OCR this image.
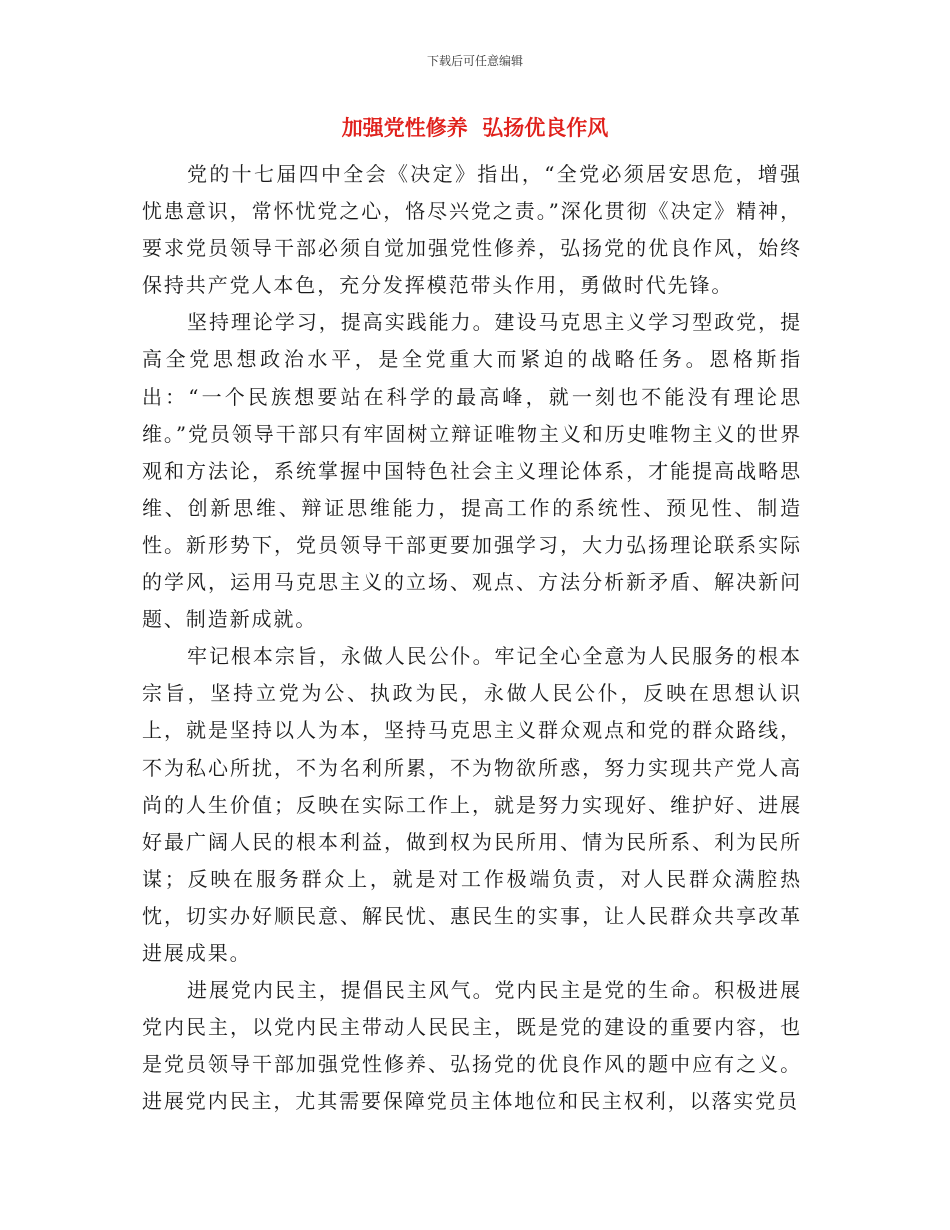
下载后可任意编辑
加强党性修养  弘扬优良作风

党的十七届四中全会《决定》指出，“全党必须居安思危，增强忧患意识，常怀忧党之心，恪尽兴党之责。”深化贯彻《决定》精神，要求党员领导干部必须自觉加强党性修养，弘扬党的优良作风，始终保持共产党人本色，充分发挥模范带头作用，勇做时代先锋。

坚持理论学习，提高实践能力。建设马克思主义学习型政党，提高全党思想政治水平，是全党重大而紧迫的战略任务。恩格斯指出：“一个民族想要站在科学的最高峰，就一刻也不能没有理论思维。”党员领导干部只有牢固树立辩证唯物主义和历史唯物主义的世界观和方法论，系统掌握中国特色社会主义理论体系，才能提高战略思维、创新思维、辩证思维能力，提高工作的系统性、预见性、制造性。新形势下，党员领导干部更要加强学习，大力弘扬理论联系实际的学风，运用马克思主义的立场、观点、方法分析新矛盾、解决新问题、制造新成就。

牢记根本宗旨，永做人民公仆。牢记全心全意为人民服务的根本宗旨，坚持立党为公、执政为民，永做人民公仆，反映在思想认识上，就是坚持以人为本，坚持马克思主义群众观点和党的群众路线，不为私心所扰，不为名利所累，不为物欲所惑，努力实现共产党人高尚的人生价值；反映在实际工作上，就是努力实现好、维护好、进展好最广阔人民的根本利益，做到权为民所用、情为民所系、利为民所谋；反映在服务群众上，就是对工作极端负责，对人民群众满腔热忱，切实办好顺民意、解民忧、惠民生的实事，让人民群众共享改革进展成果。

进展党内民主，提倡民主风气。党内民主是党的生命。积极进展党内民主，以党内民主带动人民民主，既是党的建设的重要内容，也是党员领导干部加强党性修养、弘扬党的优良作风的题中应有之义。进展党内民主，尤其需要保障党员主体地位和民主权利，以落实党员
